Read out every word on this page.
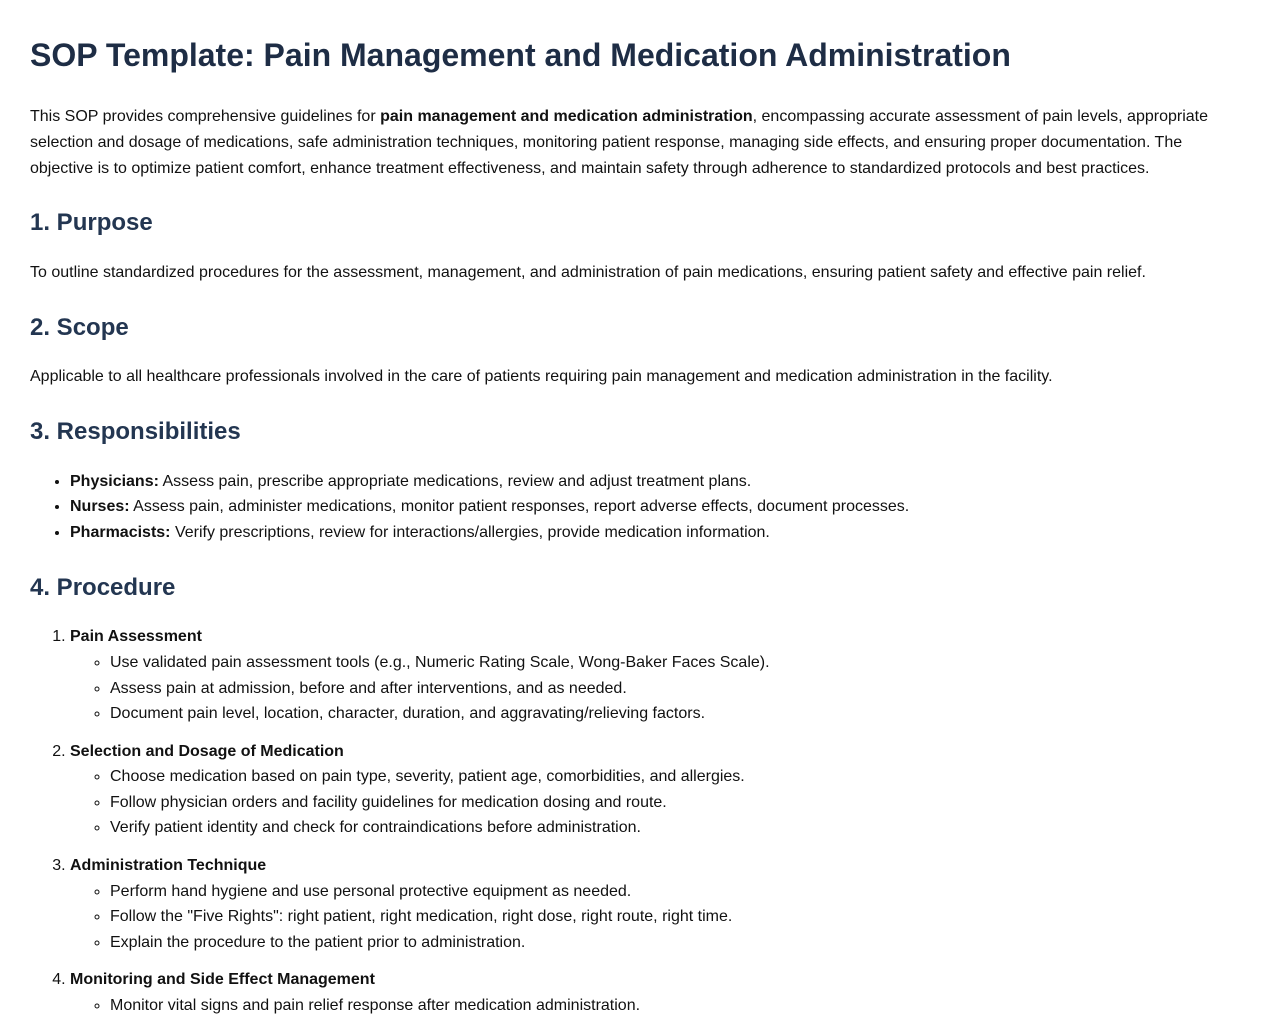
SOP Template: Pain Management and Medication Administration

This SOP provides comprehensive guidelines for pain management and medication administration, encompassing accurate assessment of pain levels, appropriate selection and dosage of medications, safe administration techniques, monitoring patient response, managing side effects, and ensuring proper documentation. The objective is to optimize patient comfort, enhance treatment effectiveness, and maintain safety through adherence to standardized protocols and best practices.

1. Purpose

To outline standardized procedures for the assessment, management, and administration of pain medications, ensuring patient safety and effective pain relief.

2. Scope

Applicable to all healthcare professionals involved in the care of patients requiring pain management and medication administration in the facility.

3. Responsibilities
• Physicians: Assess pain, prescribe appropriate medications, review and adjust treatment plans.
• Nurses: Assess pain, administer medications, monitor patient responses, report adverse effects, document processes.
• Pharmacists: Verify prescriptions, review for interactions/allergies, provide medication information.
4. Procedure
1. Pain Assessment
◦ Use validated pain assessment tools (e.g., Numeric Rating Scale, Wong-Baker Faces Scale).
◦ Assess pain at admission, before and after interventions, and as needed.
◦ Document pain level, location, character, duration, and aggravating/relieving factors.
2. Selection and Dosage of Medication
◦ Choose medication based on pain type, severity, patient age, comorbidities, and allergies.
◦ Follow physician orders and facility guidelines for medication dosing and route.
◦ Verify patient identity and check for contraindications before administration.
3. Administration Technique
◦ Perform hand hygiene and use personal protective equipment as needed.
◦ Follow the "Five Rights": right patient, right medication, right dose, right route, right time.
◦ Explain the procedure to the patient prior to administration.
4. Monitoring and Side Effect Management
◦ Monitor vital signs and pain relief response after medication administration.
